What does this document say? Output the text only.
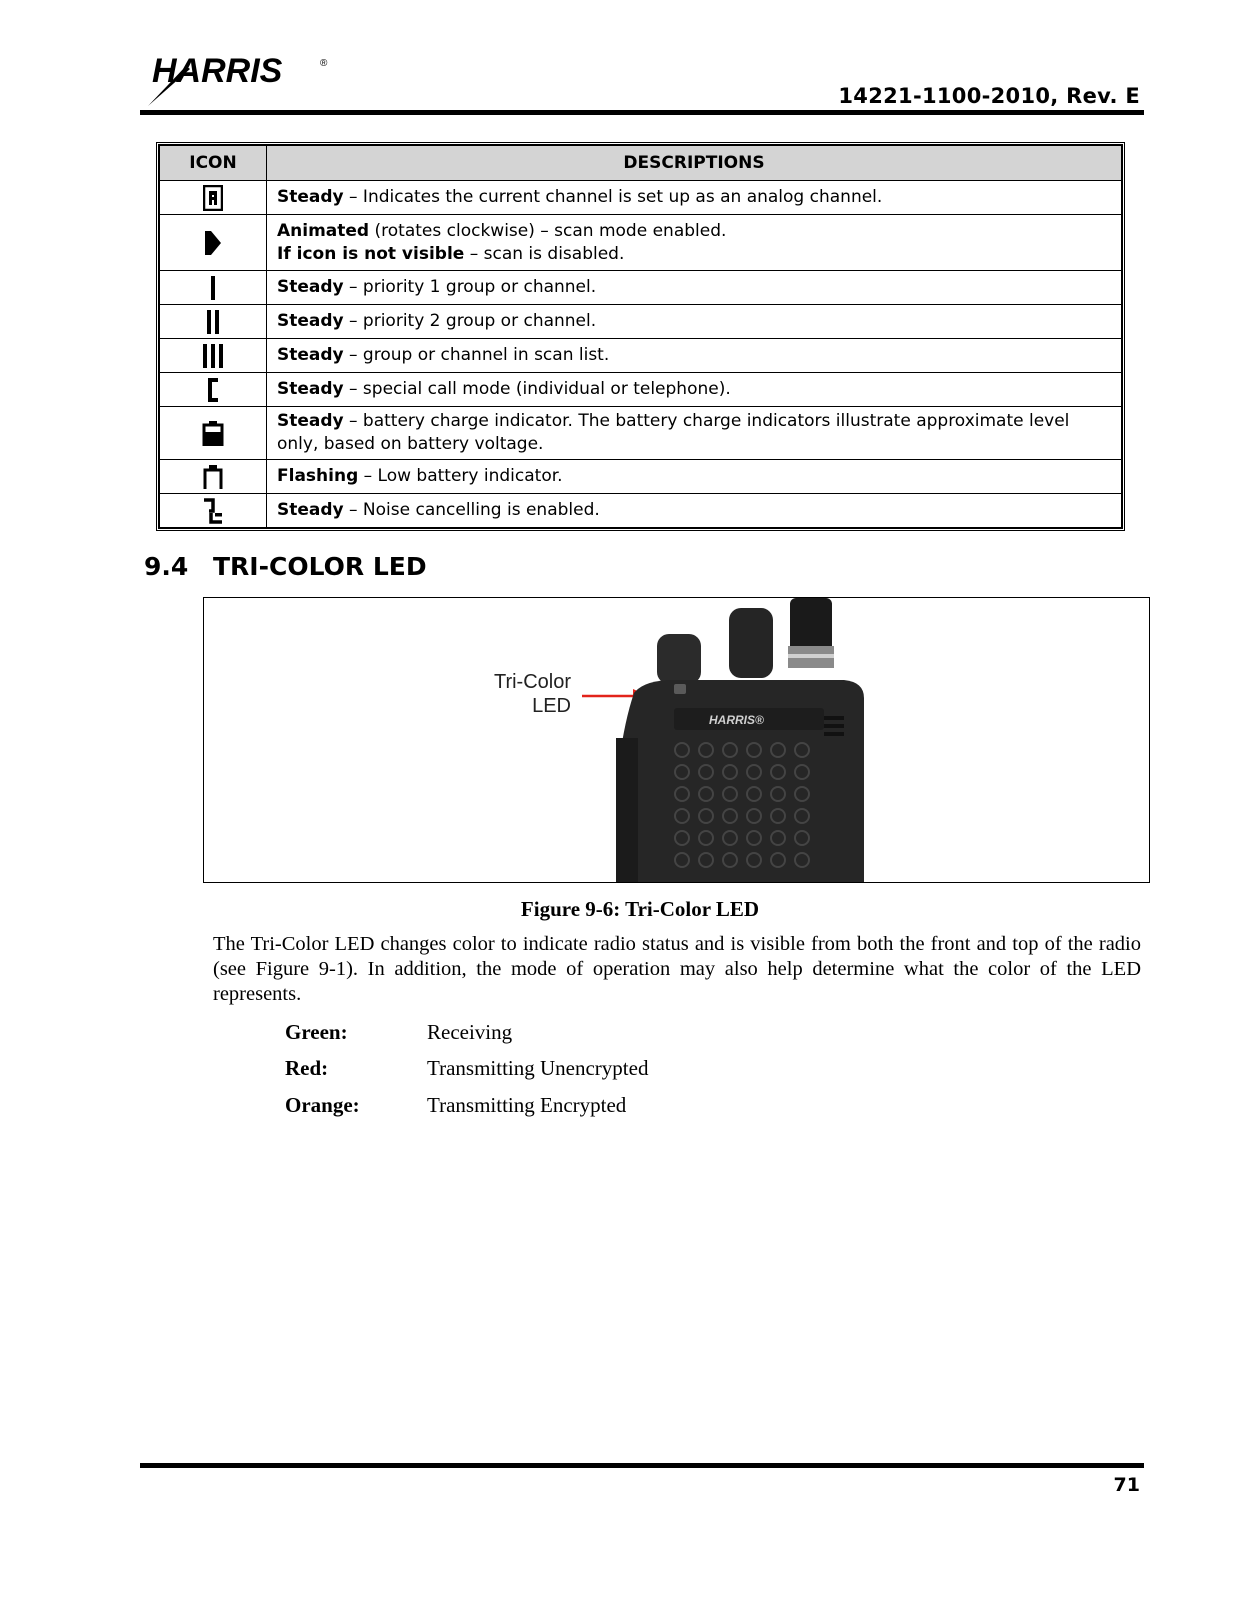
HARRIS	®
14221-1100-2010, Rev. E
ICON	DESCRIPTIONS
	Steady – Indicates the current channel is set up as an analog channel.
	Animated (rotates clockwise) – scan mode enabled.
If icon is not visible – scan is disabled.
	Steady – priority 1 group or channel.
	Steady – priority 2 group or channel.
	Steady – group or channel in scan list.
	Steady – special call mode (individual or telephone).
	Steady – battery charge indicator. The battery charge indicators illustrate approximate level only, based on battery voltage.
	Flashing – Low battery indicator.
	Steady – Noise cancelling is enabled.
9.4 TRI-COLOR LED
Tri-Color
LED
HARRIS®
Figure 9-6: Tri-Color LED
The Tri-Color LED changes color to indicate radio status and is visible from both the front and top of the radio (see Figure 9-1). In addition, the mode of operation may also help determine what the color of the LED represents.
Green:	Receiving
Red:	Transmitting Unencrypted
Orange:	Transmitting Encrypted
71
